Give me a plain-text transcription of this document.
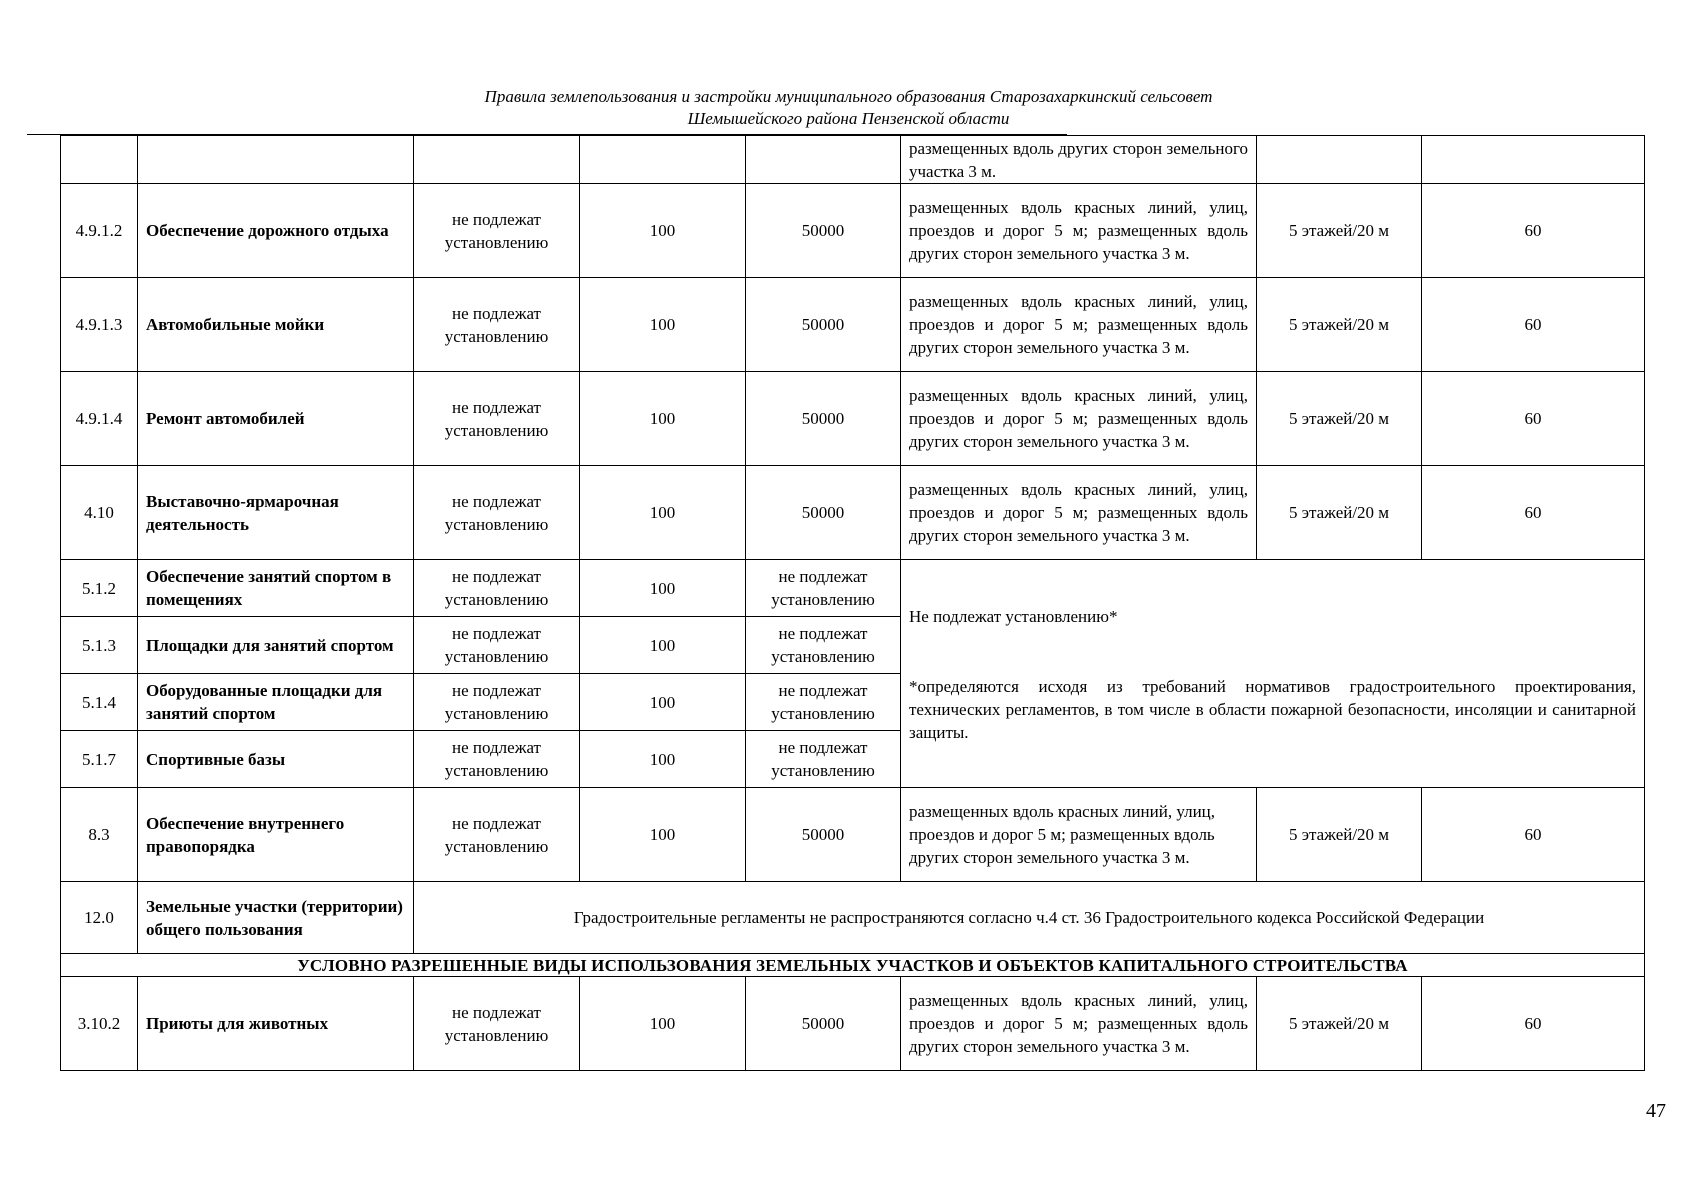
Правила землепользования и застройки муниципального образования Старозахаркинский сельсовет
Шемышейского района Пензенской области
					размещенных вдоль других сторон земельного участка 3 м.		
4.9.1.2	Обеспечение дорожного отдыха	не подлежат установлению	100	50000	размещенных вдоль красных линий, улиц, проездов и дорог 5 м; размещенных вдоль других сторон земельного участка 3 м.	5 этажей/20 м	60
4.9.1.3	Автомобильные мойки	не подлежат установлению	100	50000	размещенных вдоль красных линий, улиц, проездов и дорог 5 м; размещенных вдоль других сторон земельного участка 3 м.	5 этажей/20 м	60
4.9.1.4	Ремонт автомобилей	не подлежат установлению	100	50000	размещенных вдоль красных линий, улиц, проездов и дорог 5 м; размещенных вдоль других сторон земельного участка 3 м.	5 этажей/20 м	60
4.10	Выставочно-ярмарочная деятельность	не подлежат установлению	100	50000	размещенных вдоль красных линий, улиц, проездов и дорог 5 м; размещенных вдоль других сторон земельного участка 3 м.	5 этажей/20 м	60
5.1.2	Обеспечение занятий спортом в помещениях	не подлежат установлению	100	не подлежат установлению	Не подлежат установлению*		
5.1.3	Площадки для занятий спортом	не подлежат установлению	100	не подлежат установлению			
5.1.4	Оборудованные площадки для занятий спортом	не подлежат установлению	100	не подлежат установлению	*определяются исходя из требований нормативов градостроительного проектирования, технических регламентов, в том числе в области пожарной безопасности, инсоляции и санитарной защиты.		
5.1.7	Спортивные базы	не подлежат установлению	100	не подлежат установлению			
8.3	Обеспечение внутреннего правопорядка	не подлежат установлению	100	50000	размещенных вдоль красных линий, улиц, проездов и дорог 5 м; размещенных вдоль других сторон земельного участка 3 м.	5 этажей/20 м	60
12.0	Земельные участки (территории) общего пользования	Градостроительные регламенты не распространяются согласно ч.4 ст. 36 Градостроительного кодекса Российской Федерации					
УСЛОВНО РАЗРЕШЕННЫЕ ВИДЫ ИСПОЛЬЗОВАНИЯ ЗЕМЕЛЬНЫХ УЧАСТКОВ И ОБЪЕКТОВ КАПИТАЛЬНОГО СТРОИТЕЛЬСТВА							
3.10.2	Приюты для животных	не подлежат установлению	100	50000	размещенных вдоль красных линий, улиц, проездов и дорог 5 м; размещенных вдоль других сторон земельного участка 3 м.	5 этажей/20 м	60
47
